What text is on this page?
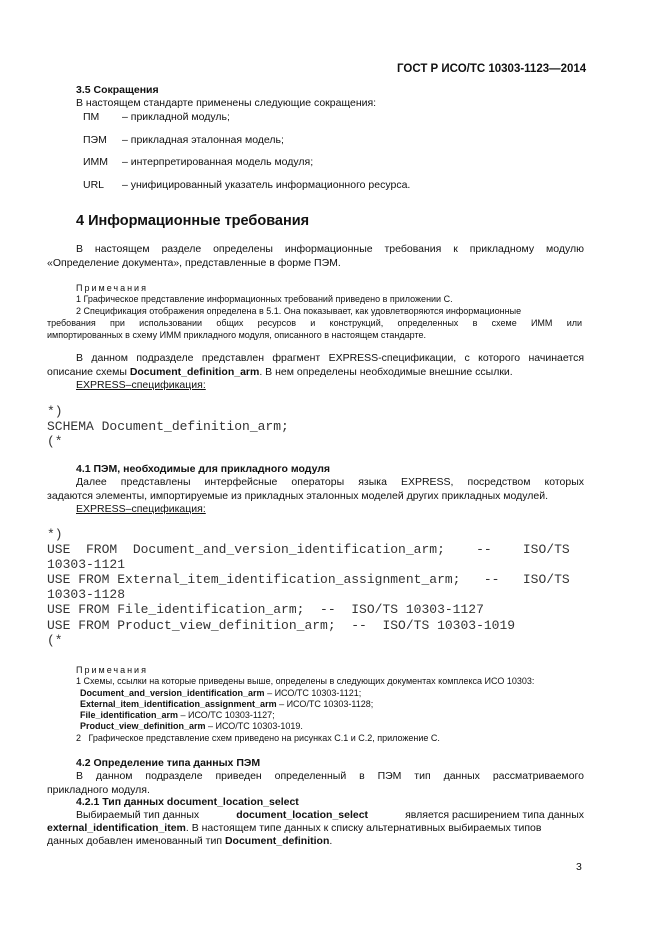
ГОСТ Р ИСО/ТС 10303-1123—2014
3.5 Сокращения
В настоящем стандарте применены следующие сокращения:
ПМ – прикладной модуль;
ПЭМ – прикладная эталонная модель;
ИММ – интерпретированная модель модуля;
URL – унифицированный указатель информационного ресурса.
4 Информационные требования
В настоящем разделе определены информационные требования к прикладному модулю
«Определение документа», представленные в форме ПЭМ.
Примечания
1 Графическое представление информационных требований приведено в приложении С.
2 Спецификация отображения определена в 5.1. Она показывает, как удовлетворяются информационные
требования при использовании общих ресурсов и конструкций, определенных в схеме ИММ или
импортированных в схему ИММ прикладного модуля, описанного в настоящем стандарте.
В данном подразделе представлен фрагмент EXPRESS-спецификации, с которого начинается
описание схемы Document_definition_arm. В нем определены необходимые внешние ссылки.
EXPRESS–спецификация:
*)
SCHEMA Document_definition_arm;
(*
4.1 ПЭМ, необходимые для прикладного модуля
Далее представлены интерфейсные операторы языка EXPRESS, посредством которых
задаются элементы, импортируемые из прикладных эталонных моделей других прикладных модулей.
EXPRESS–спецификация:
*)
USE  FROM  Document_and_version_identification_arm;    --    ISO/TS
10303-1121
USE FROM External_item_identification_assignment_arm;   --   ISO/TS
10303-1128
USE FROM File_identification_arm;  --  ISO/TS 10303-1127
USE FROM Product_view_definition_arm;  --  ISO/TS 10303-1019
(*
Примечания
1 Схемы, ссылки на которые приведены выше, определены в следующих документах комплекса ИСО 10303:
Document_and_version_identification_arm – ИСО/ТС 10303-1121;
External_item_identification_assignment_arm – ИСО/ТС 10303-1128;
File_identification_arm – ИСО/ТС 10303-1127;
Product_view_definition_arm – ИСО/ТС 10303-1019.
2   Графическое представление схем приведено на рисунках С.1 и С.2, приложение С.
4.2 Определение типа данных ПЭМ
В данном подразделе приведен определенный в ПЭМ тип данных рассматриваемого
прикладного модуля.
4.2.1 Тип данных document_location_select
Выбираемый тип данных	document_location_select	является расширением типа данных
external_identification_item. В настоящем типе данных к списку альтернативных выбираемых типов
данных добавлен именованный тип Document_definition.
3
